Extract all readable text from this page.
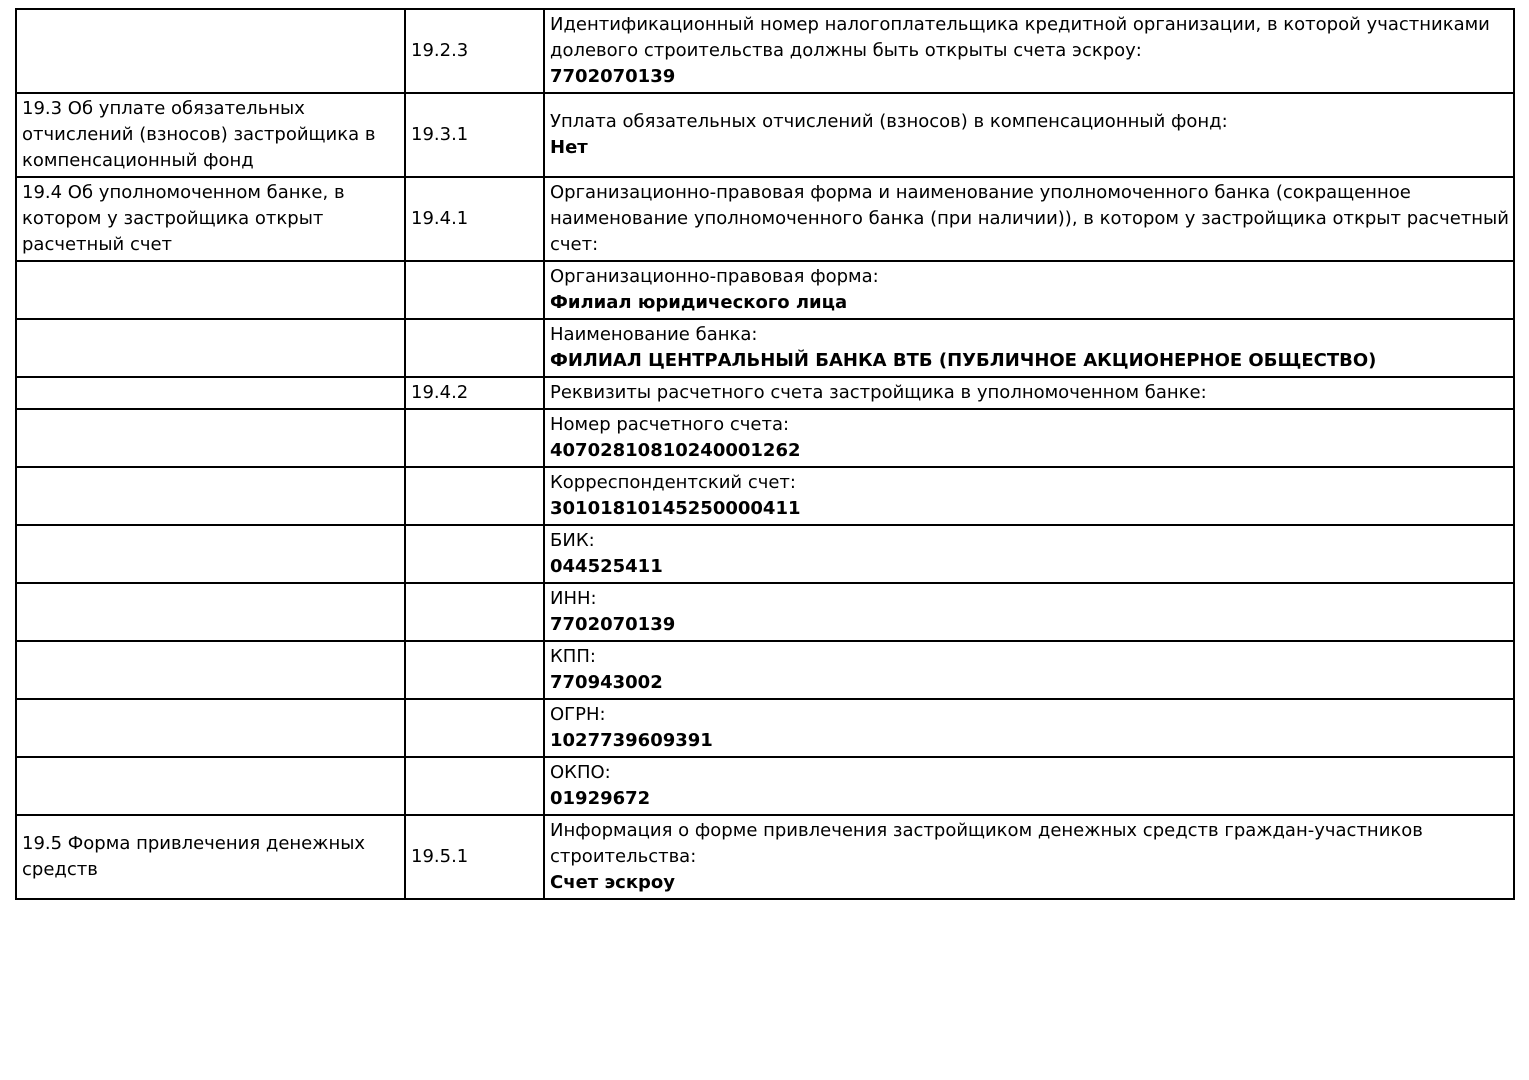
	19.2.3	Идентификационный номер налогоплательщика кредитной организации, в которой участниками долевого строительства должны быть открыты счета эскроу:
7702070139

19.3 Об уплате обязательных отчислений (взносов) застройщика в компенсационный фонд	19.3.1	Уплата обязательных отчислений (взносов) в компенсационный фонд:
Нет

19.4 Об уполномоченном банке, в котором у застройщика открыт расчетный счет	19.4.1	Организационно-правовая форма и наименование уполномоченного банка (сокращенное наименование уполномоченного банка (при наличии)), в котором у застройщика открыт расчетный счет:

		Организационно-правовая форма:
Филиал юридического лица

		Наименование банка:
ФИЛИАЛ ЦЕНТРАЛЬНЫЙ БАНКА ВТБ (ПУБЛИЧНОЕ АКЦИОНЕРНОЕ ОБЩЕСТВО)

	19.4.2	Реквизиты расчетного счета застройщика в уполномоченном банке:

		Номер расчетного счета:
40702810810240001262

		Корреспондентский счет:
30101810145250000411

		БИК:
044525411

		ИНН:
7702070139

		КПП:
770943002

		ОГРН:
1027739609391

		ОКПО:
01929672

19.5 Форма привлечения денежных средств	19.5.1	Информация о форме привлечения застройщиком денежных средств граждан-участников строительства:
Счет эскроу
